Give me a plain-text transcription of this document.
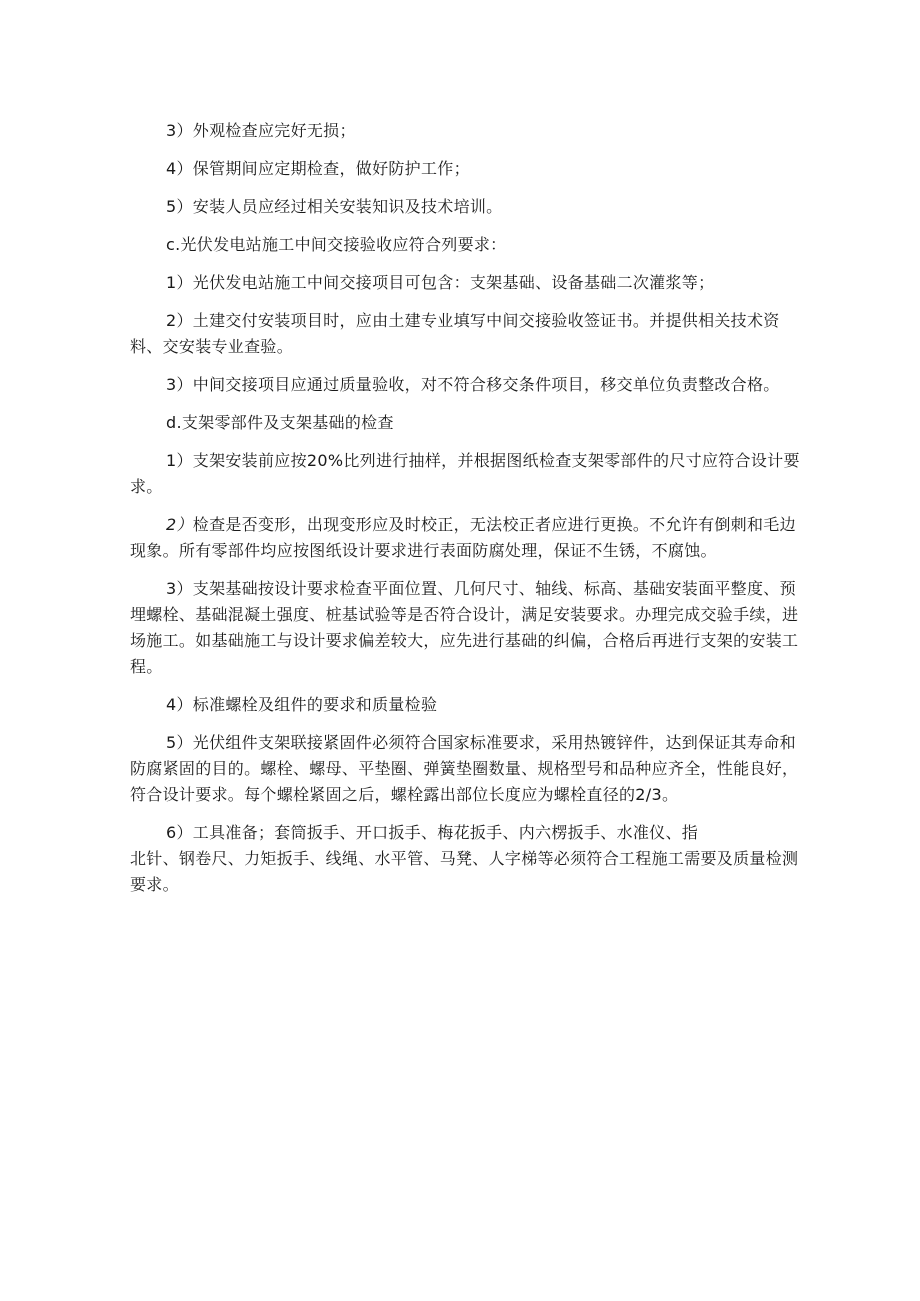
3）外观检查应完好无损；

4）保管期间应定期检查，做好防护工作；

5）安装人员应经过相关安装知识及技术培训。

c.光伏发电站施工中间交接验收应符合列要求：

1）光伏发电站施工中间交接项目可包含：支架基础、设备基础二次灌浆等；

2）土建交付安装项目时，应由土建专业填写中间交接验收签证书。并提供相关技术资料、交安装专业查验。

3）中间交接项目应通过质量验收，对不符合移交条件项目，移交单位负责整改合格。

d.支架零部件及支架基础的检查

1）支架安装前应按20%比列进行抽样，并根据图纸检查支架零部件的尺寸应符合设计要求。

2）检查是否变形，出现变形应及时校正，无法校正者应进行更换。不允许有倒刺和毛边现象。所有零部件均应按图纸设计要求进行表面防腐处理，保证不生锈，不腐蚀。

3）支架基础按设计要求检查平面位置、几何尺寸、轴线、标高、基础安装面平整度、预埋螺栓、基础混凝土强度、桩基试验等是否符合设计，满足安装要求。办理完成交验手续，进场施工。如基础施工与设计要求偏差较大，应先进行基础的纠偏，合格后再进行支架的安装工程。

4）标准螺栓及组件的要求和质量检验

5）光伏组件支架联接紧固件必须符合国家标准要求，采用热镀锌件，达到保证其寿命和防腐紧固的目的。螺栓、螺母、平垫圈、弹簧垫圈数量、规格型号和品种应齐全，性能良好，符合设计要求。每个螺栓紧固之后，螺栓露出部位长度应为螺栓直径的2/3。

6）工具准备；套筒扳手、开口扳手、梅花扳手、内六楞扳手、水准仪、指

北针、钢卷尺、力矩扳手、线绳、水平管、马凳、人字梯等必须符合工程施工需要及质量检测要求。
